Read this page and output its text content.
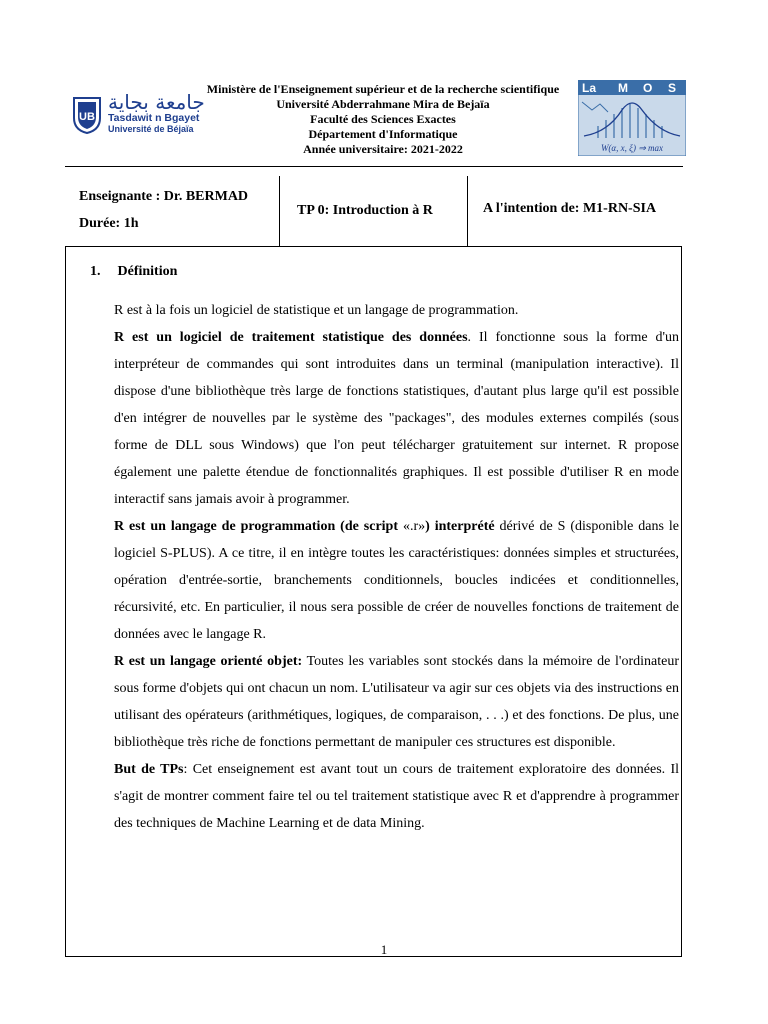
UB
جامعة بجاية
Tasdawit n Bgayet
Université de Béjaïa
Ministère de l'Enseignement supérieur et de la recherche scientifique
Université Abderrahmane Mira de Bejaïa
Faculté des Sciences Exactes
Département d'Informatique
Année universitaire: 2021-2022
La M O S
W(α, x, ξ) ⇒ max
Enseignante : Dr. BERMAD
Durée: 1h
TP 0: Introduction à R	A l'intention de: M1-RN-SIA
1. Définition

R est à la fois un logiciel de statistique et un langage de programmation.

R est un logiciel de traitement statistique des données. Il fonctionne sous la forme d'un interpréteur de commandes qui sont introduites dans un terminal (manipulation interactive). Il dispose d'une bibliothèque très large de fonctions statistiques, d'autant plus large qu'il est possible d'en intégrer de nouvelles par le système des "packages", des modules externes compilés (sous forme de DLL sous Windows) que l'on peut télécharger gratuitement sur internet. R propose également une palette étendue de fonctionnalités graphiques. Il est possible d'utiliser R en mode interactif sans jamais avoir à programmer.

R est un langage de programmation (de script «.r») interprété dérivé de S (disponible dans le logiciel S-PLUS). A ce titre, il en intègre toutes les caractéristiques: données simples et structurées, opération d'entrée-sortie, branchements conditionnels, boucles indicées et conditionnelles, récursivité, etc. En particulier, il nous sera possible de créer de nouvelles fonctions de traitement de données avec le langage R.

R est un langage orienté objet: Toutes les variables sont stockés dans la mémoire de l'ordinateur sous forme d'objets qui ont chacun un nom. L'utilisateur va agir sur ces objets via des instructions en utilisant des opérateurs (arithmétiques, logiques, de comparaison, . . .) et des fonctions. De plus, une bibliothèque très riche de fonctions permettant de manipuler ces structures est disponible.

But de TPs: Cet enseignement est avant tout un cours de traitement exploratoire des données. Il s'agit de montrer comment faire tel ou tel traitement statistique avec R et d'apprendre à programmer des techniques de Machine Learning et de data Mining.

1
